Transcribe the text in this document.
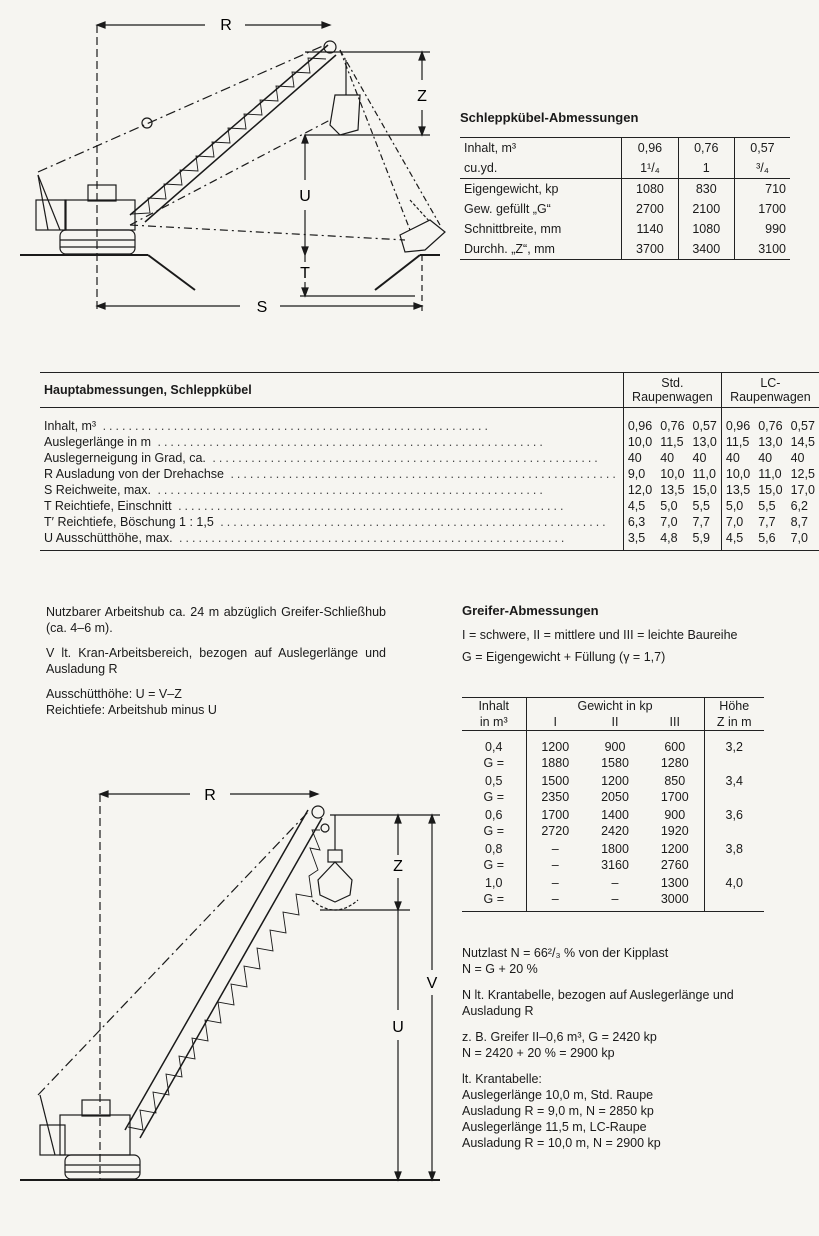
R
Z
U
T
S
Schleppkübel-Abmessungen
Inhalt, m³	0,96	0,76	0,57
cu.yd.	1¹/₄	1	³/₄
Eigengewicht, kp	1080	830	710
Gew. gefüllt „G“	2700	2100	1700
Schnittbreite, mm	1140	1080	990
Durchh. „Z“, mm	3700	3400	3100
Hauptabmessungen, Schleppkübel	Std. Raupenwagen			LC-Raupenwagen		
Inhalt, m³ ............................................................	0,96	0,76	0,57	0,96	0,76	0,57
Auslegerlänge in m ............................................................	10,0	11,5	13,0	11,5	13,0	14,5
Auslegerneigung in Grad, ca. ............................................................	40	40	40	40	40	40
R Ausladung von der Drehachse ............................................................	9,0	10,0	11,0	10,0	11,0	12,5
S Reichweite, max. ............................................................	12,0	13,5	15,0	13,5	15,0	17,0
T Reichtiefe, Einschnitt ............................................................	4,5	5,0	5,5	5,0	5,5	6,2
T′ Reichtiefe, Böschung 1 : 1,5 ............................................................	6,3	7,0	7,7	7,0	7,7	8,7
U Ausschütthöhe, max. ............................................................	3,5	4,8	5,9	4,5	5,6	7,0

Nutzbarer Arbeitshub ca. 24 m abzüglich Greifer-Schließhub (ca. 4–6 m).

V lt. Kran-Arbeitsbereich, bezogen auf Auslegerlänge und Ausladung R

Ausschütthöhe: U = V–Z

Reichtiefe: Arbeitshub minus U

R
Z
V
U
Greifer-Abmessungen

I = schwere, II = mittlere und III = leichte Baureihe

G = Eigengewicht + Füllung (γ = 1,7)

Inhalt	Gewicht in kp			Höhe
in m³	I	II	III	Z in m
0,4	1200	900	600	3,2
G =	1880	1580	1280	
0,5	1500	1200	850	3,4
G =	2350	2050	1700	
0,6	1700	1400	900	3,6
G =	2720	2420	1920	
0,8	–	1800	1200	3,8
G =	–	3160	2760	
1,0	–	–	1300	4,0
G =	–	–	3000	

Nutzlast N = 66²/₃ % von der Kipplast

N = G + 20 %

N lt. Krantabelle, bezogen auf Auslegerlänge und Ausladung R

z. B. Greifer II–0,6 m³, G = 2420 kp

N = 2420 + 20 % = 2900 kp

lt. Krantabelle:

Auslegerlänge 10,0 m, Std. Raupe

Ausladung R = 9,0 m, N = 2850 kp

Auslegerlänge 11,5 m, LC-Raupe

Ausladung R = 10,0 m, N = 2900 kp
